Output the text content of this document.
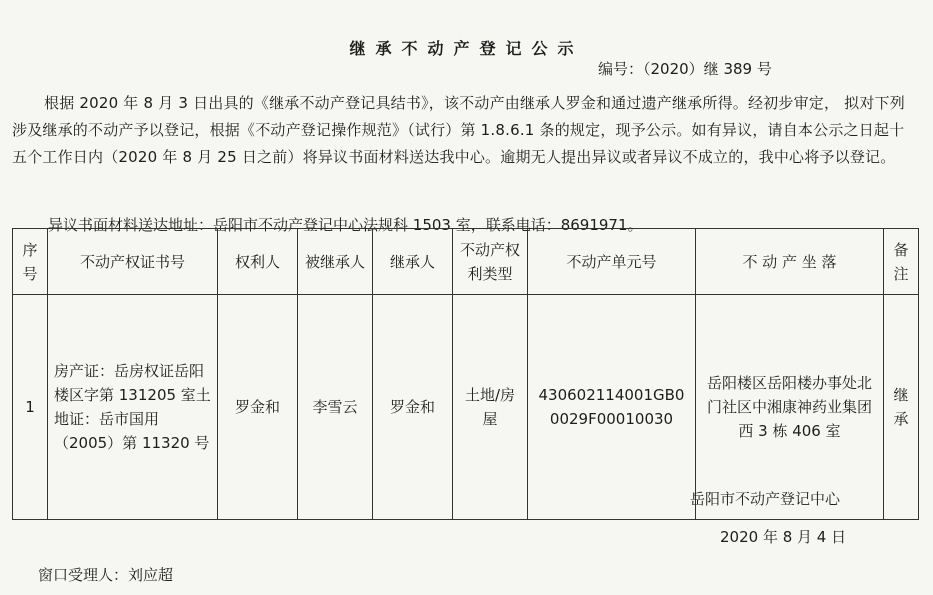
继承不动产登记公示
编号：（2020）继 389 号
根据 2020 年 8 月 3 日出具的《继承不动产登记具结书》，该不动产由继承人罗金和通过遗产继承所得。经初步审定， 拟对下列涉及继承的不动产予以登记，根据《不动产登记操作规范》（试行）第 1.8.6.1 条的规定，现予公示。如有异议，请自本公示之日起十五个工作日内（2020 年 8 月 25 日之前）将异议书面材料送达我中心。逾期无人提出异议或者异议不成立的，我中心将予以登记。
异议书面材料送达地址：岳阳市不动产登记中心法规科 1503 室，联系电话：8691971。
序号	不动产权证书号	权利人	被继承人	继承人	不动产权利类型	不动产单元号	不 动 产 坐 落	备注
1	房产证：岳房权证岳阳楼区字第 131205 室土地证：岳市国用（2005）第 11320 号	罗金和	李雪云	罗金和	土地/房屋	430602114001GB00029F00010030	岳阳楼区岳阳楼办事处北门社区中湘康神药业集团西 3 栋 406 室	继承
岳阳市不动产登记中心
2020 年 8 月 4 日
窗口受理人：刘应超
